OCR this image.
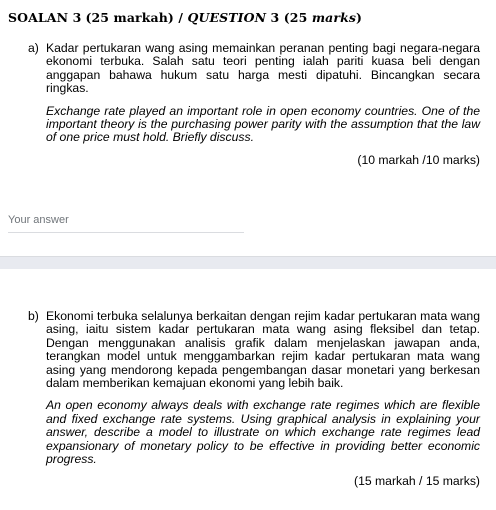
SOALAN 3 (25 markah) / QUESTION 3 (25 marks)
a) Kadar pertukaran wang asing memainkan peranan penting bagi negara-negara ekonomi terbuka. Salah satu teori penting ialah pariti kuasa beli dengan anggapan bahawa hukum satu harga mesti dipatuhi. Bincangkan secara ringkas.

Exchange rate played an important role in open economy countries. One of the important theory is the purchasing power parity with the assumption that the law of one price must hold. Briefly discuss.

(10 markah /10 marks)
Your answer
b) Ekonomi terbuka selalunya berkaitan dengan rejim kadar pertukaran mata wang asing, iaitu sistem kadar pertukaran mata wang asing fleksibel dan tetap. Dengan menggunakan analisis grafik dalam menjelaskan jawapan anda, terangkan model untuk menggambarkan rejim kadar pertukaran mata wang asing yang mendorong kepada pengembangan dasar monetari yang berkesan dalam memberikan kemajuan ekonomi yang lebih baik.

An open economy always deals with exchange rate regimes which are flexible and fixed exchange rate systems. Using graphical analysis in explaining your answer, describe a model to illustrate on which exchange rate regimes lead expansionary of monetary policy to be effective in providing better economic progress.

(15 markah / 15 marks)
